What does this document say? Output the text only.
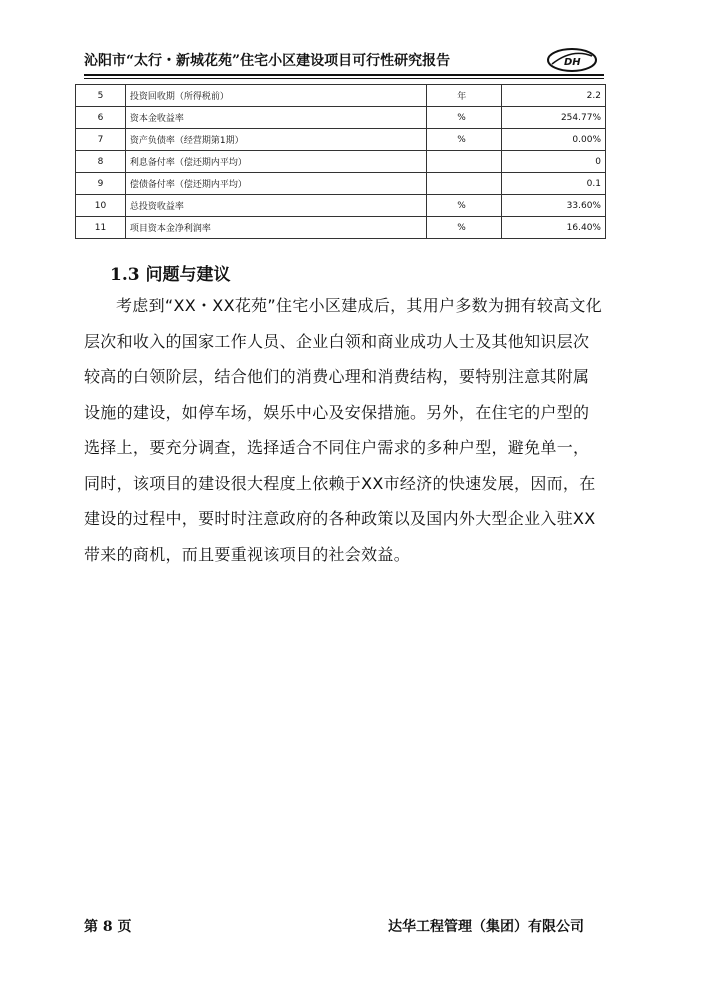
沁阳市“太行・新城花苑”住宅小区建设项目可行性研究报告	DH
5	投资回收期（所得税前）	年	2.2
6	资本金收益率	%	254.77%
7	资产负债率（经营期第1期）	%	0.00%
8	利息备付率（偿还期内平均）		0
9	偿债备付率（偿还期内平均）		0.1
10	总投资收益率	%	33.60%
11	项目资本金净利润率	%	16.40%
1.3 问题与建议
考虑到“XX・XX花苑”住宅小区建成后，其用户多数为拥有较高文化层次和收入的国家工作人员、企业白领和商业成功人士及其他知识层次较高的白领阶层，结合他们的消费心理和消费结构，要特别注意其附属设施的建设，如停车场，娱乐中心及安保措施。另外，在住宅的户型的选择上，要充分调查，选择适合不同住户需求的多种户型，避免单一，同时，该项目的建设很大程度上依赖于XX市经济的快速发展，因而，在建设的过程中，要时时注意政府的各种政策以及国内外大型企业入驻XX带来的商机，而且要重视该项目的社会效益。
第 8 页	达华工程管理（集团）有限公司
